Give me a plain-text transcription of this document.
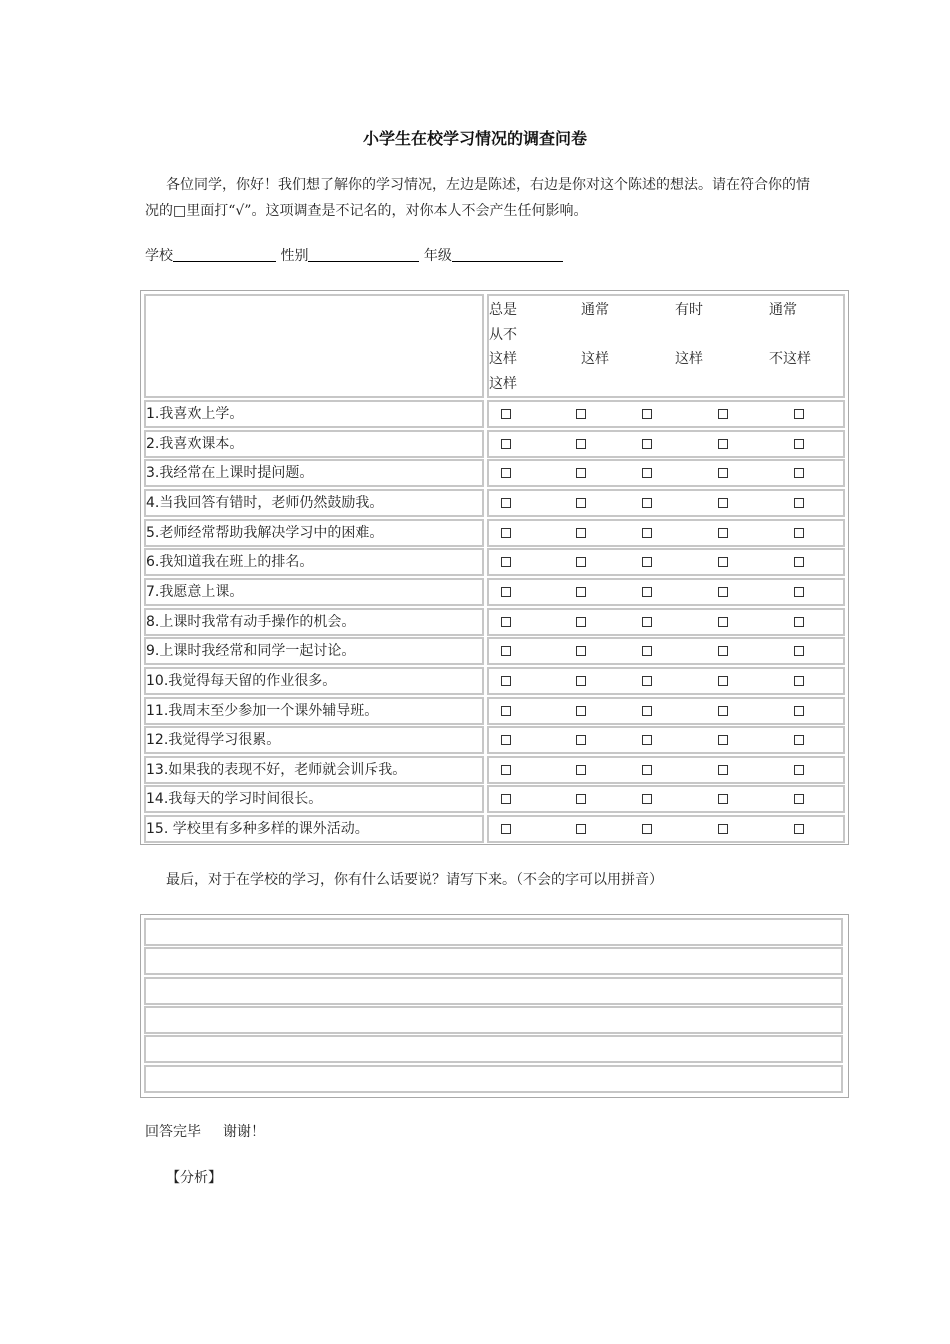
小学生在校学习情况的调查问卷
各位同学，你好！我们想了解你的学习情况，左边是陈述，右边是你对这个陈述的想法。请在符合你的情况的□里面打“√”。这项调查是不记名的，对你本人不会产生任何影响。
学校	性别	年级
总是
从不
这样
这样
通常
这样
有时
这样
通常
不这样
1.我喜欢上学。
2.我喜欢课本。
3.我经常在上课时提问题。
4.当我回答有错时，老师仍然鼓励我。
5.老师经常帮助我解决学习中的困难。
6.我知道我在班上的排名。
7.我愿意上课。
8.上课时我常有动手操作的机会。
9.上课时我经常和同学一起讨论。
10.我觉得每天留的作业很多。
11.我周末至少参加一个课外辅导班。
12.我觉得学习很累。
13.如果我的表现不好，老师就会训斥我。
14.我每天的学习时间很长。
15. 学校里有多种多样的课外活动。
最后，对于在学校的学习，你有什么话要说？请写下来。（不会的字可以用拼音）
回答完毕 谢谢！
【分析】
